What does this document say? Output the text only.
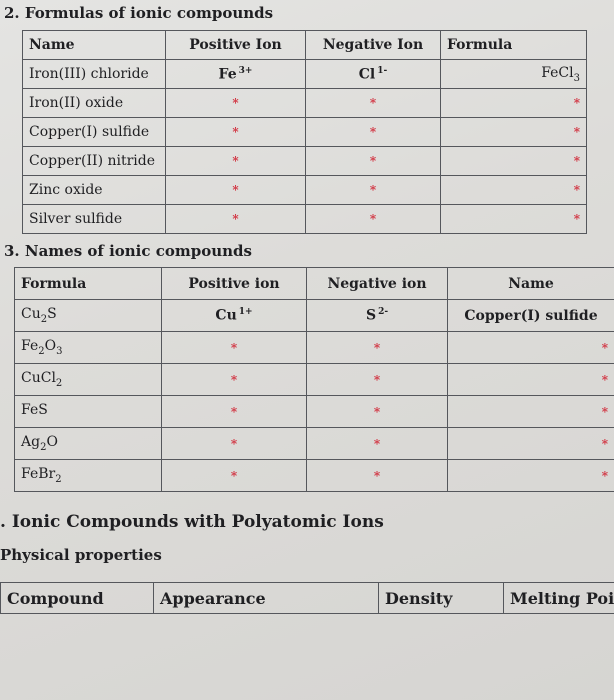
2. Formulas of ionic compounds
Name	Positive Ion	Negative Ion	Formula
Iron(III) chloride	Fe $^{3+}$	Cl $^{1-}$	FeCl$_3$
Iron(II) oxide	*	*	*
Copper(I) sulfide	*	*	*
Copper(II) nitride	*	*	*
Zinc oxide	*	*	*
Silver sulfide	*	*	*
3. Names of ionic compounds
Formula	Positive ion	Negative ion	Name
$Cu_2S$	Cu $^{1+}$	S $^{2-}$	Copper(I) sulfide
$Fe_2O_3$	*	*	*
CuCl$_2$	*	*	*
FeS	*	*	*
$Ag_2O$	*	*	*
FeBr$_2$	*	*	*
. Ionic Compounds with Polyatomic Ions
Physical properties
Compound	Appearance	Density	Melting Poi
